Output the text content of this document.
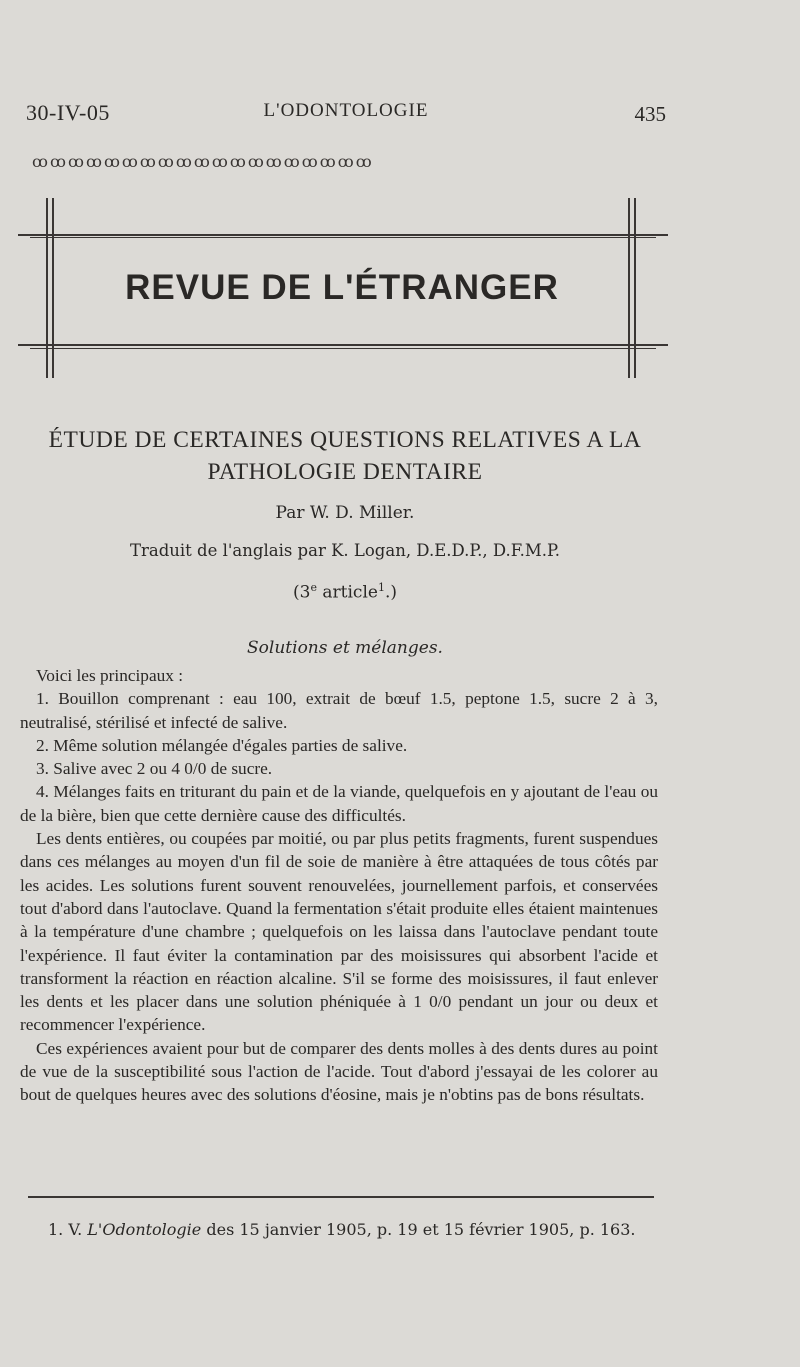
30-IV-05	L'ODONTOLOGIE	435
ꝏꝏꝏꝏꝏꝏꝏꝏꝏꝏꝏꝏꝏꝏꝏꝏꝏꝏꝏ
REVUE DE L'ÉTRANGER
ÉTUDE DE CERTAINES QUESTIONS RELATIVES A LA
PATHOLOGIE DENTAIRE
Par W. D. Miller.
Traduit de l'anglais par K. Logan, D.E.D.P., D.F.M.P.
(3e article$^1$.)
Solutions et mélanges.

Voici les principaux :

1. Bouillon comprenant : eau 100, extrait de bœuf 1.5, peptone 1.5, sucre 2 à 3, neutralisé, stérilisé et infecté de salive.

2. Même solution mélangée d'égales parties de salive.

3. Salive avec 2 ou 4 0/0 de sucre.

4. Mélanges faits en triturant du pain et de la viande, quelquefois en y ajoutant de l'eau ou de la bière, bien que cette dernière cause des difficultés.

Les dents entières, ou coupées par moitié, ou par plus petits fragments, furent suspendues dans ces mélanges au moyen d'un fil de soie de manière à être attaquées de tous côtés par les acides. Les solutions furent souvent renouvelées, journellement parfois, et conservées tout d'abord dans l'autoclave. Quand la fermentation s'était produite elles étaient maintenues à la température d'une chambre ; quelquefois on les laissa dans l'autoclave pendant toute l'expérience. Il faut éviter la contamination par des moisissures qui absorbent l'acide et transforment la réaction en réaction alcaline. S'il se forme des moisissures, il faut enlever les dents et les placer dans une solution phéniquée à 1 0/0 pendant un jour ou deux et recommencer l'expérience.

Ces expériences avaient pour but de comparer des dents molles à des dents dures au point de vue de la susceptibilité sous l'action de l'acide. Tout d'abord j'essayai de les colorer au bout de quelques heures avec des solutions d'éosine, mais je n'obtins pas de bons résultats.

1. V. L'Odontologie des 15 janvier 1905, p. 19 et 15 février 1905, p. 163.
